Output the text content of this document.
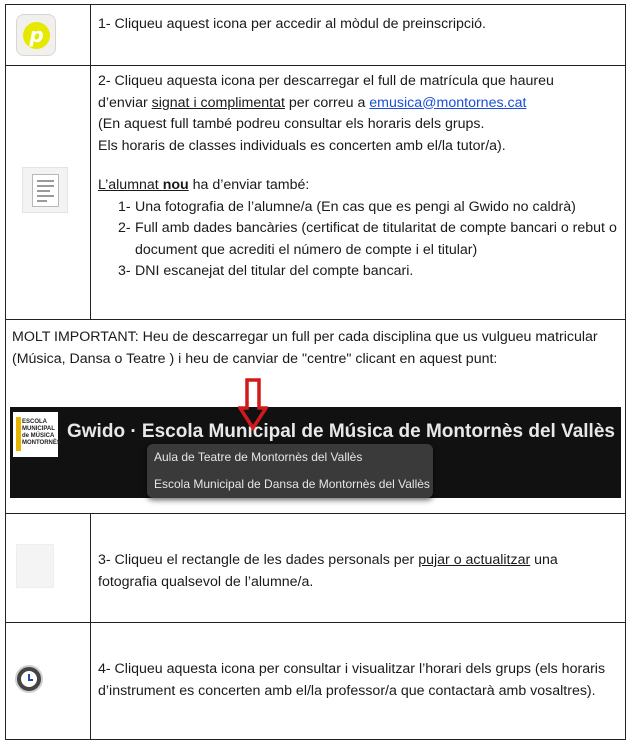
p	1- Cliqueu aquest icona per accedir al mòdul de preinscripció.
2- Cliqueu aquesta icona per descarregar el full de matrícula que haureu
d’enviar signat i complimentat per correu a emusica@montornes.cat
(En aquest full també podreu consultar els horaris dels grups.
Els horaris de classes individuals es concerten amb el/la tutor/a).
L’alumnat nou ha d’enviar també:
1- Una fotografia de l’alumne/a (En cas que es pengi al Gwido no caldrà)
2- Full amb dades bancàries (certificat de titularitat de compte bancari o rebut o document que acrediti el número de compte i el titular)
3- DNI escanejat del titular del compte bancari.
MOLT IMPORTANT: Heu de descarregar un full per cada disciplina que us vulgueu matricular (Música, Dansa o Teatre ) i heu de canviar de "centre" clicant en aquest punt:
ESCOLA
MUNICIPAL
de MÚSICA
MONTORNÈS
Gwido · Escola Municipal de Música de Montornès del Vallès
Aula de Teatre de Montornès del Vallès
Escola Municipal de Dansa de Montornès del Vallès
3- Cliqueu el rectangle de les dades personals per pujar o actualitzar una fotografia qualsevol de l’alumne/a.
4- Cliqueu aquesta icona per consultar i visualitzar l’horari dels grups (els horaris d’instrument es concerten amb el/la professor/a que contactarà amb vosaltres).
